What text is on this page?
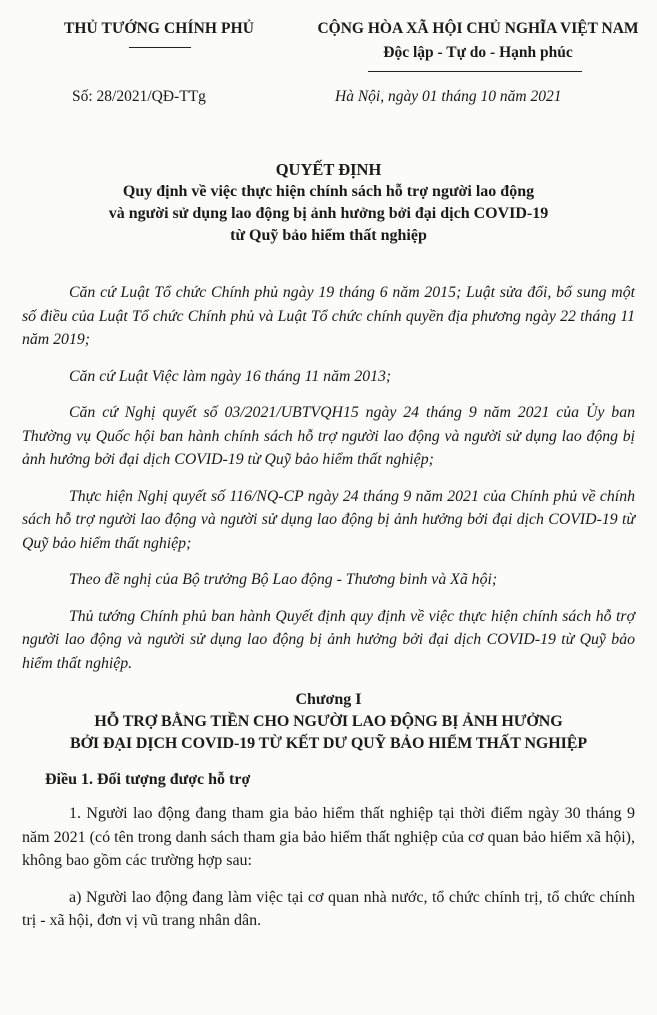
THỦ TƯỚNG CHÍNH PHỦ	CỘNG HÒA XÃ HỘI CHỦ NGHĨA VIỆT NAM
Độc lập - Tự do - Hạnh phúc
Số: 28/2021/QĐ-TTg	Hà Nội, ngày 01 tháng 10 năm 2021
QUYẾT ĐỊNH
Quy định về việc thực hiện chính sách hỗ trợ người lao động
và người sử dụng lao động bị ảnh hưởng bởi đại dịch COVID-19
từ Quỹ bảo hiểm thất nghiệp

Căn cứ Luật Tổ chức Chính phủ ngày 19 tháng 6 năm 2015; Luật sửa đổi, bổ sung một số điều của Luật Tổ chức Chính phủ và Luật Tổ chức chính quyền địa phương ngày 22 tháng 11 năm 2019;

Căn cứ Luật Việc làm ngày 16 tháng 11 năm 2013;

Căn cứ Nghị quyết số 03/2021/UBTVQH15 ngày 24 tháng 9 năm 2021 của Ủy ban Thường vụ Quốc hội ban hành chính sách hỗ trợ người lao động và người sử dụng lao động bị ảnh hưởng bởi đại dịch COVID-19 từ Quỹ bảo hiểm thất nghiệp;

Thực hiện Nghị quyết số 116/NQ-CP ngày 24 tháng 9 năm 2021 của Chính phủ về chính sách hỗ trợ người lao động và người sử dụng lao động bị ảnh hưởng bởi đại dịch COVID-19 từ Quỹ bảo hiểm thất nghiệp;

Theo đề nghị của Bộ trưởng Bộ Lao động - Thương binh và Xã hội;

Thủ tướng Chính phủ ban hành Quyết định quy định về việc thực hiện chính sách hỗ trợ người lao động và người sử dụng lao động bị ảnh hưởng bởi đại dịch COVID-19 từ Quỹ bảo hiểm thất nghiệp.

Chương I
HỖ TRỢ BẰNG TIỀN CHO NGƯỜI LAO ĐỘNG BỊ ẢNH HƯỞNG
BỞI ĐẠI DỊCH COVID-19 TỪ KẾT DƯ QUỸ BẢO HIỂM THẤT NGHIỆP
Điều 1. Đối tượng được hỗ trợ

1. Người lao động đang tham gia bảo hiểm thất nghiệp tại thời điểm ngày 30 tháng 9 năm 2021 (có tên trong danh sách tham gia bảo hiểm thất nghiệp của cơ quan bảo hiểm xã hội), không bao gồm các trường hợp sau:

a) Người lao động đang làm việc tại cơ quan nhà nước, tổ chức chính trị, tổ chức chính trị - xã hội, đơn vị vũ trang nhân dân.
